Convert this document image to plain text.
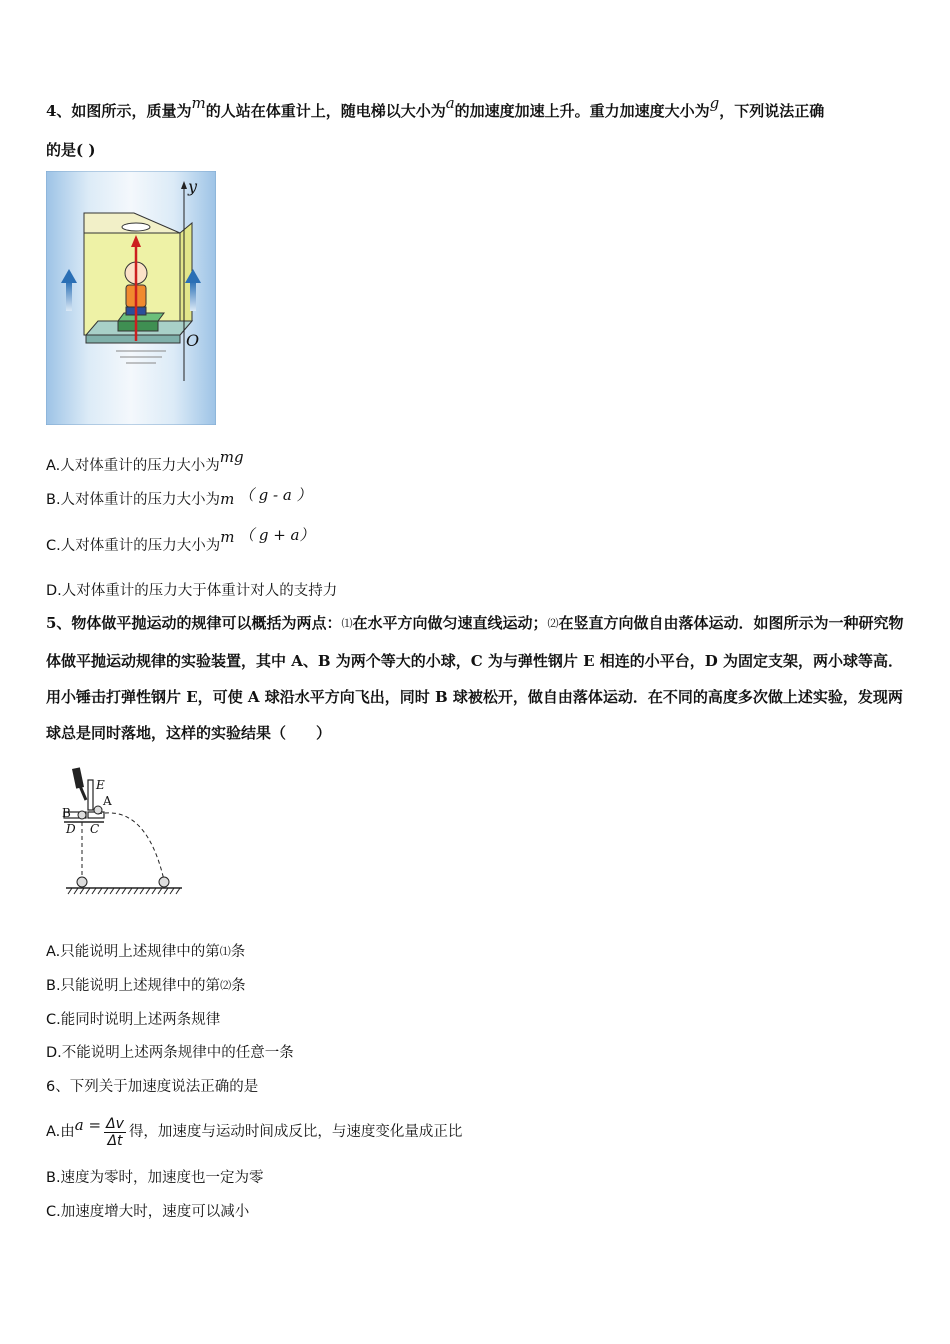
4、如图所示，质量为m的人站在体重计上，随电梯以大小为a的加速度加速上升。重力加速度大小为g，下列说法正确
的是( )
y
O
A.人对体重计的压力大小为mg
B.人对体重计的压力大小为m （ g - a ）
C.人对体重计的压力大小为m （ g + a）
D.人对体重计的压力大于体重计对人的支持力
5、物体做平抛运动的规律可以概括为两点：⑴在水平方向做匀速直线运动；⑵在竖直方向做自由落体运动．如图所示为一种研究物体做平抛运动规律的实验装置，其中 A、B 为两个等大的小球，C 为与弹性钢片 E 相连的小平台，D 为固定支架，两小球等高．用小锤击打弹性钢片 E，可使 A 球沿水平方向飞出，同时 B 球被松开，做自由落体运动．在不同的高度多次做上述实验，发现两球总是同时落地，这样的实验结果（　　）
E
A
B
D C
A.只能说明上述规律中的第⑴条
B.只能说明上述规律中的第⑵条
C.能同时说明上述两条规律
D.不能说明上述两条规律中的任意一条
6、下列关于加速度说法正确的是
A.由$a = \frac{\Delta v}{\Delta t}$ 得，加速度与运动时间成反比，与速度变化量成正比
B.速度为零时，加速度也一定为零
C.加速度增大时，速度可以减小
